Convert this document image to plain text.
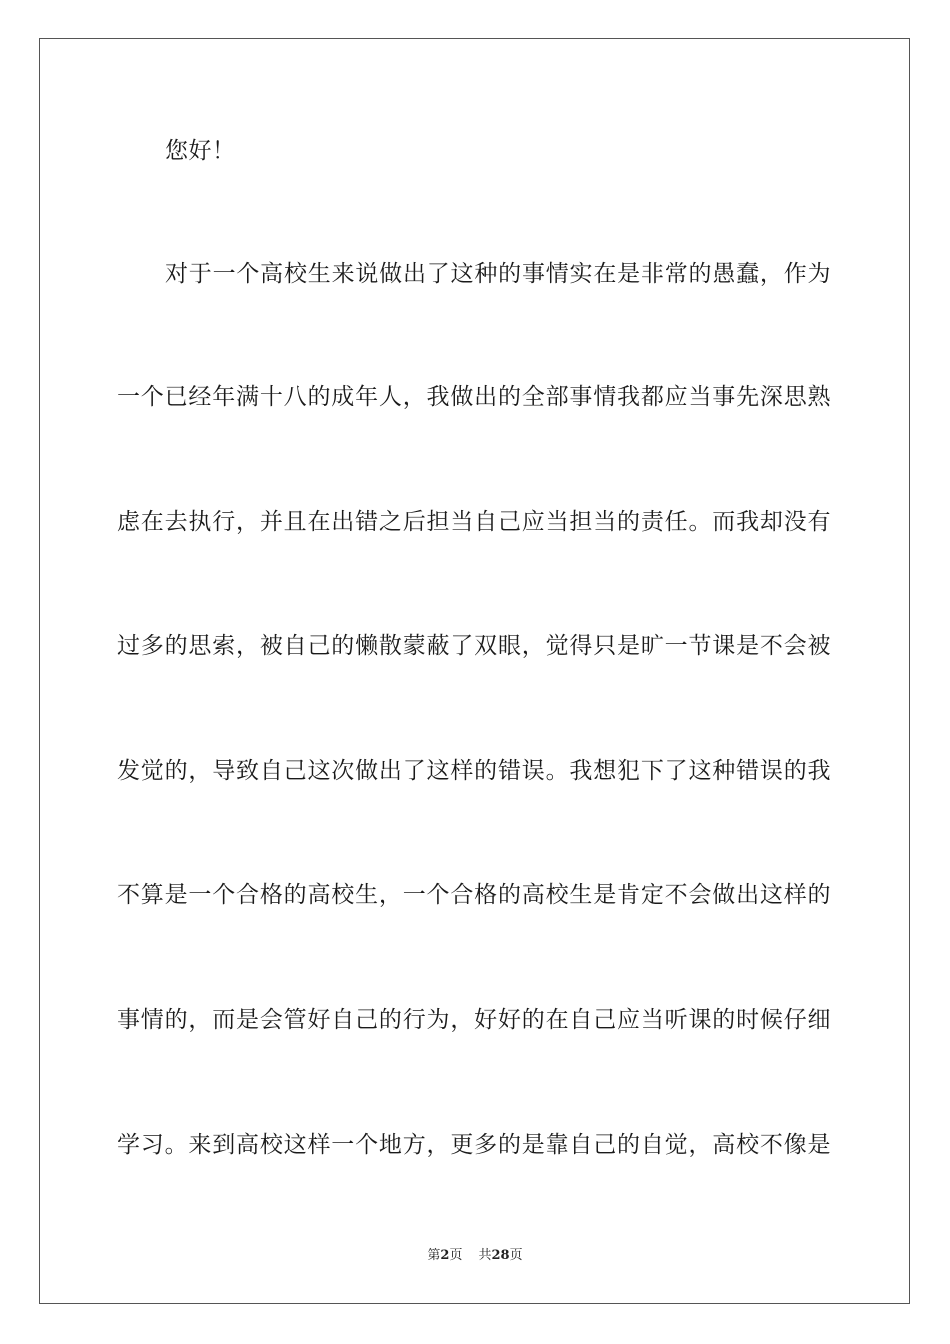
您好！
对于一个高校生来说做出了这种的事情实在是非常的愚蠢，作为
一个已经年满十八的成年人，我做出的全部事情我都应当事先深思熟
虑在去执行，并且在出错之后担当自己应当担当的责任。而我却没有
过多的思索，被自己的懒散蒙蔽了双眼，觉得只是旷一节课是不会被
发觉的，导致自己这次做出了这样的错误。我想犯下了这种错误的我
不算是一个合格的高校生，一个合格的高校生是肯定不会做出这样的
事情的，而是会管好自己的行为，好好的在自己应当听课的时候仔细
学习。来到高校这样一个地方，更多的是靠自己的自觉，高校不像是
第2页 共28页
